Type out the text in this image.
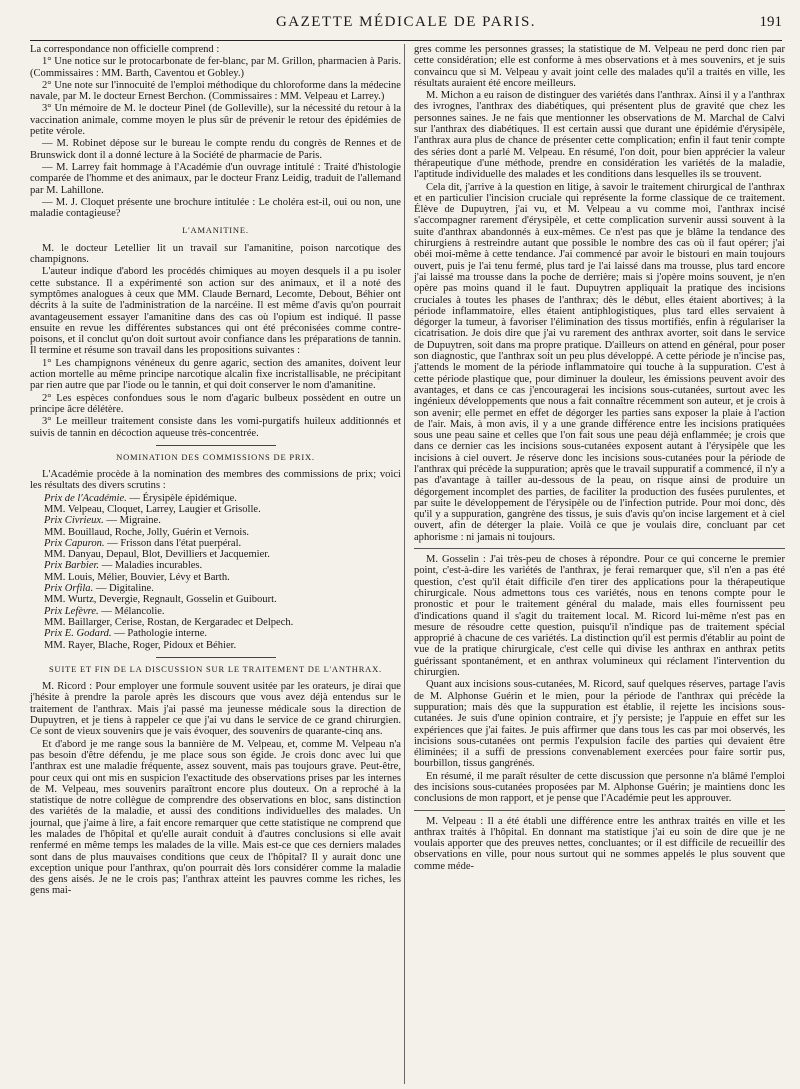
GAZETTE MÉDICALE DE PARIS.	191

La correspondance non officielle comprend :

1° Une notice sur le protocarbonate de fer-blanc, par M. Grillon, pharmacien à Paris. (Commissaires : MM. Barth, Caventou et Gobley.)

2° Une note sur l'innocuité de l'emploi méthodique du chloroforme dans la médecine navale, par M. le docteur Ernest Berchon. (Commissaires : MM. Velpeau et Larrey.)

3° Un mémoire de M. le docteur Pinel (de Golleville), sur la nécessité du retour à la vaccination animale, comme moyen le plus sûr de prévenir le retour des épidémies de petite vérole.

— M. Robinet dépose sur le bureau le compte rendu du congrès de Rennes et de Brunswick dont il a donné lecture à la Société de pharmacie de Paris.

— M. Larrey fait hommage à l'Académie d'un ouvrage intitulé : Traité d'histologie comparée de l'homme et des animaux, par le docteur Franz Leidig, traduit de l'allemand par M. Lahillone.

— M. J. Cloquet présente une brochure intitulée : Le choléra est-il, oui ou non, une maladie contagieuse?

L'AMANITINE.

M. le docteur Letellier lit un travail sur l'amanitine, poison narcotique des champignons.

L'auteur indique d'abord les procédés chimiques au moyen desquels il a pu isoler cette substance. Il a expérimenté son action sur des animaux, et il a noté des symptômes analogues à ceux que MM. Claude Bernard, Lecomte, Debout, Béhier ont décrits à la suite de l'administration de la narcéine. Il est même d'avis qu'on pourrait avantageusement essayer l'amanitine dans des cas où l'opium est indiqué. Il passe ensuite en revue les différentes substances qui ont été préconisées comme contre-poisons, et il conclut qu'on doit surtout avoir confiance dans les préparations de tannin. Il termine et résume son travail dans les propositions suivantes :

1° Les champignons vénéneux du genre agaric, section des amanites, doivent leur action mortelle au même principe narcotique alcalin fixe incristallisable, ne précipitant par rien autre que par l'iode ou le tannin, et qui doit conserver le nom d'amanitine.

2° Les espèces confondues sous le nom d'agaric bulbeux possèdent en outre un principe âcre délétère.

3° Le meilleur traitement consiste dans les vomi-purgatifs huileux additionnés et suivis de tannin en décoction aqueuse très-concentrée.

NOMINATION DES COMMISSIONS DE PRIX.

L'Académie procède à la nomination des membres des commissions de prix; voici les résultats des divers scrutins :

Prix de l'Académie. — Érysipèle épidémique.

MM. Velpeau, Cloquet, Larrey, Laugier et Grisolle.

Prix Civrieux. — Migraine.

MM. Bouillaud, Roche, Jolly, Guérin et Vernois.

Prix Capuron. — Frisson dans l'état puerpéral.

MM. Danyau, Depaul, Blot, Devilliers et Jacquemier.

Prix Barbier. — Maladies incurables.

MM. Louis, Mélier, Bouvier, Lévy et Barth.

Prix Orfila. — Digitaline.

MM. Wurtz, Devergie, Regnault, Gosselin et Guibourt.

Prix Lefèvre. — Mélancolie.

MM. Baillarger, Cerise, Rostan, de Kergaradec et Delpech.

Prix E. Godard. — Pathologie interne.

MM. Rayer, Blache, Roger, Pidoux et Béhier.

SUITE ET FIN DE LA DISCUSSION SUR LE TRAITEMENT DE L'ANTHRAX.

M. Ricord : Pour employer une formule souvent usitée par les orateurs, je dirai que j'hésite à prendre la parole après les discours que vous avez déjà entendus sur le traitement de l'anthrax. Mais j'ai passé ma jeunesse médicale sous la direction de Dupuytren, et je tiens à rappeler ce que j'ai vu dans le service de ce grand chirurgien. Ce sont de vieux souvenirs que je vais évoquer, des souvenirs de quarante-cinq ans.

Et d'abord je me range sous la bannière de M. Velpeau, et, comme M. Velpeau n'a pas besoin d'être défendu, je me place sous son égide. Je crois donc avec lui que l'anthrax est une maladie fréquente, assez souvent, mais pas toujours grave. Peut-être, pour ceux qui ont mis en suspicion l'exactitude des observations prises par les internes de M. Velpeau, mes souvenirs paraîtront encore plus douteux. On a reproché à la statistique de notre collègue de comprendre des observations en bloc, sans distinction des variétés de la maladie, et aussi des conditions individuelles des malades. Un journal, que j'aime à lire, a fait encore remarquer que cette statistique ne comprend que les malades de l'hôpital et qu'elle aurait conduit à d'autres conclusions si elle avait renfermé en même temps les malades de la ville. Mais est-ce que ces derniers malades sont dans de plus mauvaises conditions que ceux de l'hôpital? Il y aurait donc une exception unique pour l'anthrax, qu'on pourrait dès lors considérer comme la maladie des gens aisés. Je ne le crois pas; l'anthrax atteint les pauvres comme les riches, les gens mai-

gres comme les personnes grasses; la statistique de M. Velpeau ne perd donc rien par cette considération; elle est conforme à mes observations et à mes souvenirs, et je suis convaincu que si M. Velpeau y avait joint celle des malades qu'il a traités en ville, les résultats auraient été encore meilleurs.

M. Michon a eu raison de distinguer des variétés dans l'anthrax. Ainsi il y a l'anthrax des ivrognes, l'anthrax des diabétiques, qui présentent plus de gravité que chez les personnes saines. Je ne fais que mentionner les observations de M. Marchal de Calvi sur l'anthrax des diabétiques. Il est certain aussi que durant une épidémie d'érysipèle, l'anthrax aura plus de chance de présenter cette complication; enfin il faut tenir compte des séries dont a parlé M. Velpeau. En résumé, l'on doit, pour bien apprécier la valeur thérapeutique d'une méthode, prendre en considération les variétés de la maladie, l'aptitude individuelle des malades et les conditions dans lesquelles ils se trouvent.

Cela dit, j'arrive à la question en litige, à savoir le traitement chirurgical de l'anthrax et en particulier l'incision cruciale qui représente la forme classique de ce traitement. Élève de Dupuytren, j'ai vu, et M. Velpeau a vu comme moi, l'anthrax incisé s'accompagner rarement d'érysipèle, et cette complication survenir aussi souvent à la suite d'anthrax abandonnés à eux-mêmes. Ce n'est pas que je blâme la tendance des chirurgiens à restreindre autant que possible le nombre des cas où il faut opérer; j'ai obéi moi-même à cette tendance. J'ai commencé par avoir le bistouri en main toujours ouvert, puis je l'ai tenu fermé, plus tard je l'ai laissé dans ma trousse, plus tard encore j'ai laissé ma trousse dans la poche de derrière; mais si j'opère moins souvent, je n'en opère pas moins quand il le faut. Dupuytren appliquait la pratique des incisions cruciales à toutes les phases de l'anthrax; dès le début, elles étaient abortives; à la période inflammatoire, elles étaient antiphlogistiques, plus tard elles servaient à dégorger la tumeur, à favoriser l'élimination des tissus mortifiés, enfin à régulariser la cicatrisation. Je dois dire que j'ai vu rarement des anthrax avorter, soit dans le service de Dupuytren, soit dans ma propre pratique. D'ailleurs on attend en général, pour poser son diagnostic, que l'anthrax soit un peu plus développé. A cette période je n'incise pas, j'attends le moment de la période inflammatoire qui touche à la suppuration. C'est à cette période plastique que, pour diminuer la douleur, les émissions peuvent avoir des avantages, et dans ce cas j'encouragerai les incisions sous-cutanées, surtout avec les ingénieux développements que nous a fait connaître récemment son auteur, et je crois à son avenir; elle permet en effet de dégorger les parties sans exposer la plaie à l'action de l'air. Mais, à mon avis, il y a une grande différence entre les incisions pratiquées sous une peau saine et celles que l'on fait sous une peau déjà enflammée; je crois que dans ce dernier cas les incisions sous-cutanées exposent autant à l'érysipèle que les incisions à ciel ouvert. Je réserve donc les incisions sous-cutanées pour la période de l'anthrax qui précède la suppuration; après que le travail suppuratif a commencé, il n'y a pas d'avantage à tailler au-dessous de la peau, on risque ainsi de produire un dégorgement incomplet des parties, de faciliter la production des fusées purulentes, et par suite le développement de l'érysipèle ou de l'infection putride. Pour moi donc, dès qu'il y a suppuration, gangrène des tissus, je suis d'avis qu'on incise largement et à ciel ouvert, afin de déterger la plaie. Voilà ce que je voulais dire, concluant par cet aphorisme : ni jamais ni toujours.

M. Gosselin : J'ai très-peu de choses à répondre. Pour ce qui concerne le premier point, c'est-à-dire les variétés de l'anthrax, je ferai remarquer que, s'il n'en a pas été question, c'est qu'il était difficile d'en tirer des applications pour la thérapeutique chirurgicale. Nous admettons tous ces variétés, nous en tenons compte pour le pronostic et pour le traitement général du malade, mais elles fournissent peu d'indications quand il s'agit du traitement local. M. Ricord lui-même n'est pas en mesure de résoudre cette question, puisqu'il n'indique pas de traitement spécial approprié à chacune de ces variétés. La distinction qu'il est permis d'établir au point de vue de la pratique chirurgicale, c'est celle qui divise les anthrax en anthrax petits guérissant spontanément, et en anthrax volumineux qui réclament l'intervention du chirurgien.

Quant aux incisions sous-cutanées, M. Ricord, sauf quelques réserves, partage l'avis de M. Alphonse Guérin et le mien, pour la période de l'anthrax qui précède la suppuration; mais dès que la suppuration est établie, il rejette les incisions sous-cutanées. Je suis d'une opinion contraire, et j'y persiste; je l'appuie en effet sur les expériences que j'ai faites. Je puis affirmer que dans tous les cas par moi observés, les incisions sous-cutanées ont permis l'expulsion facile des parties qui devaient être éliminées; il a suffi de pressions convenablement exercées pour faire sortir pus, bourbillon, tissus gangrénés.

En résumé, il me paraît résulter de cette discussion que personne n'a blâmé l'emploi des incisions sous-cutanées proposées par M. Alphonse Guérin; je maintiens donc les conclusions de mon rapport, et je pense que l'Académie peut les approuver.

M. Velpeau : Il a été établi une différence entre les anthrax traités en ville et les anthrax traités à l'hôpital. En donnant ma statistique j'ai eu soin de dire que je ne voulais apporter que des preuves nettes, concluantes; or il est difficile de recueillir des observations en ville, pour nous surtout qui ne sommes appelés le plus souvent que comme méde-
